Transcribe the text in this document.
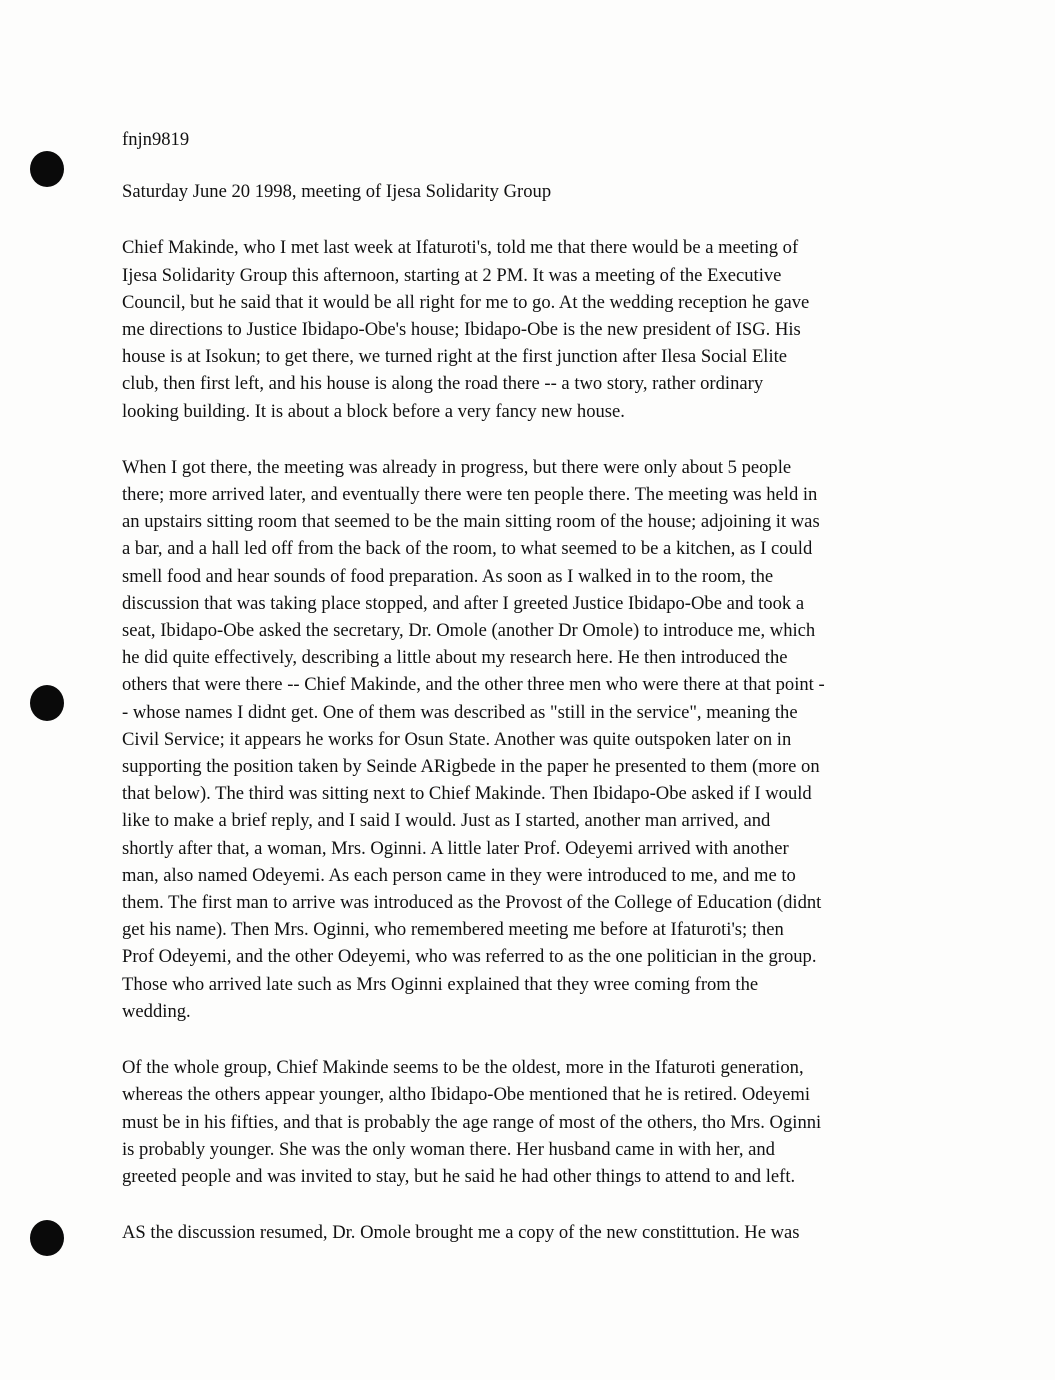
fnjn9819
Saturday June 20 1998, meeting of Ijesa Solidarity Group
Chief Makinde, who I met last week at Ifaturoti's, told me that there would be a meeting of
Ijesa Solidarity Group this afternoon, starting at 2 PM. It was a meeting of the Executive
Council, but he said that it would be all right for me to go. At the wedding reception he gave
me directions to Justice Ibidapo-Obe's house; Ibidapo-Obe is the new president of ISG. His
house is at Isokun; to get there, we turned right at the first junction after Ilesa Social Elite
club, then first left, and his house is along the road there -- a two story, rather ordinary
looking building. It is about a block before a very fancy new house.
When I got there, the meeting was already in progress, but there were only about 5 people
there; more arrived later, and eventually there were ten people there. The meeting was held in
an upstairs sitting room that seemed to be the main sitting room of the house; adjoining it was
a bar, and a hall led off from the back of the room, to what seemed to be a kitchen, as I could
smell food and hear sounds of food preparation. As soon as I walked in to the room, the
discussion that was taking place stopped, and after I greeted Justice Ibidapo-Obe and took a
seat, Ibidapo-Obe asked the secretary, Dr. Omole (another Dr Omole) to introduce me, which
he did quite effectively, describing a little about my research here. He then introduced the
others that were there -- Chief Makinde, and the other three men who were there at that point -
- whose names I didnt get. One of them was described as "still in the service", meaning the
Civil Service; it appears he works for Osun State. Another was quite outspoken later on in
supporting the position taken by Seinde ARigbede in the paper he presented to them (more on
that below). The third was sitting next to Chief Makinde. Then Ibidapo-Obe asked if I would
like to make a brief reply, and I said I would. Just as I started, another man arrived, and
shortly after that, a woman, Mrs. Oginni. A little later Prof. Odeyemi arrived with another
man, also named Odeyemi. As each person came in they were introduced to me, and me to
them. The first man to arrive was introduced as the Provost of the College of Education (didnt
get his name). Then Mrs. Oginni, who remembered meeting me before at Ifaturoti's; then
Prof Odeyemi, and the other Odeyemi, who was referred to as the one politician in the group.
Those who arrived late such as Mrs Oginni explained that they wree coming from the
wedding.
Of the whole group, Chief Makinde seems to be the oldest, more in the Ifaturoti generation,
whereas the others appear younger, altho Ibidapo-Obe mentioned that he is retired. Odeyemi
must be in his fifties, and that is probably the age range of most of the others, tho Mrs. Oginni
is probably younger. She was the only woman there. Her husband came in with her, and
greeted people and was invited to stay, but he said he had other things to attend to and left.
AS the discussion resumed, Dr. Omole brought me a copy of the new constittution. He was
